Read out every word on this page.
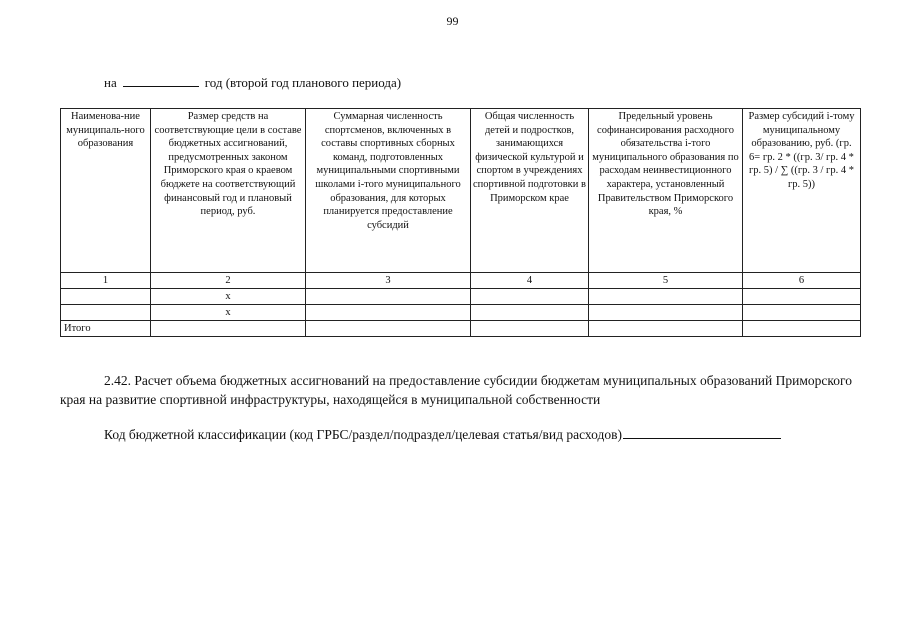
99
на	год (второй год планового периода)
Наименова-ние муниципаль-ного образования	Размер средств на соответствующие цели в составе бюджетных ассигнований, предусмотренных законом Приморского края о краевом бюджете на соответствующий финансовый год и плановый период, руб.	Суммарная численность спортсменов, включенных в составы спортивных сборных команд, подготовленных муниципальными спортивными школами i-того муниципального образования, для которых планируется предоставление субсидий	Общая численность детей и подростков, занимающихся физической культурой и спортом в учреждениях спортивной подготовки в Приморском крае	Предельный уровень софинансирования расходного обязательства i-того муниципального образования по расходам неинвестиционного характера, установленный Правительством Приморского края, %	Размер субсидий i-тому муниципальному образованию, руб. (гр. 6= гр. 2 * ((гр. 3/ гр. 4 * гр. 5) / ∑ ((гр. 3 / гр. 4 * гр. 5))
1	2	3	4	5	6
	x				
	x				
Итого					

2.42. Расчет объема бюджетных ассигнований на предоставление субсидии бюджетам муниципальных образований Приморского края на развитие спортивной инфраструктуры, находящейся в муниципальной собственности

Код бюджетной классификации (код ГРБС/раздел/подраздел/целевая статья/вид расходов)
